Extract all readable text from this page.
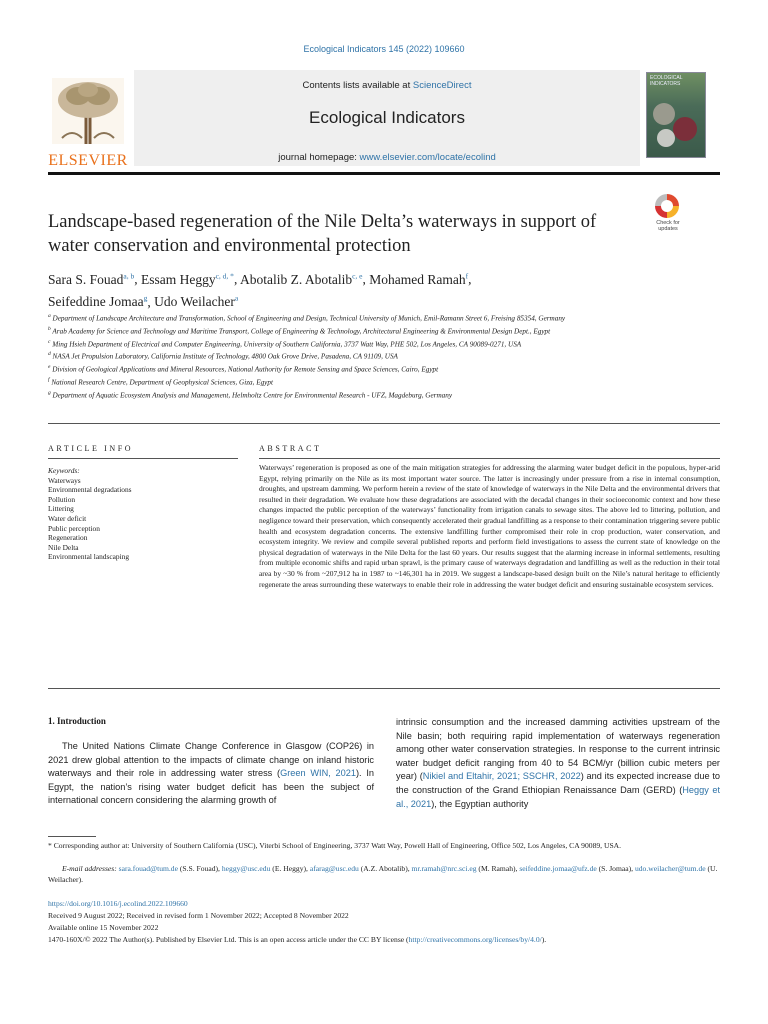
Ecological Indicators 145 (2022) 109660
ELSEVIER
Contents lists available at ScienceDirect
Ecological Indicators
journal homepage: www.elsevier.com/locate/ecolind
ECOLOGICAL INDICATORS
Landscape-based regeneration of the Nile Delta’s waterways in support of water conservation and environmental protection
Check for updates
Sara S. Fouad$^{a, b}$, Essam Heggy$^{c, d, *}$, Abotalib Z. Abotalib$^{c, e}$, Mohamed Ramah$^f$,
Seifeddine Jomaa$^g$, Udo Weilacher$^a$
$^a$ Department of Landscape Architecture and Transformation, School of Engineering and Design, Technical University of Munich, Emil-Ramann Street 6, Freising 85354, Germany
$^b$ Arab Academy for Science and Technology and Maritime Transport, College of Engineering & Technology, Architectural Engineering & Environmental Design Dept., Egypt
$^c$ Ming Hsieh Department of Electrical and Computer Engineering, University of Southern California, 3737 Watt Way, PHE 502, Los Angeles, CA 90089-0271, USA
$^d$ NASA Jet Propulsion Laboratory, California Institute of Technology, 4800 Oak Grove Drive, Pasadena, CA 91109, USA
$^e$ Division of Geological Applications and Mineral Resources, National Authority for Remote Sensing and Space Sciences, Cairo, Egypt
$^f$ National Research Centre, Department of Geophysical Sciences, Giza, Egypt
$^g$ Department of Aquatic Ecosystem Analysis and Management, Helmholtz Centre for Environmental Research - UFZ, Magdeburg, Germany
ARTICLE INFO	ABSTRACT
Keywords:
Waterways
Environmental degradations
Pollution
Littering
Water deficit
Public perception
Regeneration
Nile Delta
Environmental landscaping
Waterways’ regeneration is proposed as one of the main mitigation strategies for addressing the alarming water budget deficit in the populous, hyper-arid Egypt, relying primarily on the Nile as its most important water source. The latter is increasingly under pressure from a rise in internal consumption, droughts, and upstream damming. We perform herein a review of the state of knowledge of waterways in the Nile Delta and the environmental drivers that resulted in their degradation. We evaluate how these degradations are associated with the decadal changes in their socioeconomic context and how these changes impacted the public perception of the waterways’ functionality from irrigation canals to sewage sites. The above led to littering, pollution, and negligence toward their preservation, which consequently accelerated their gradual landfilling as a response to their contamination triggering severe public health and ecosystem degradation concerns. The extensive landfilling further compromised their role in crop production, water conservation, and ecosystem integrity. We review and compile several published reports and perform field investigations to assess the current state of knowledge on the physical degradation of waterways in the Nile Delta for the last 60 years. Our results suggest that the alarming increase in informal settlements, resulting from multiple economic shifts and rapid urban sprawl, is the primary cause of waterways degradation and landfilling as well as the reduction in their total area by ~30 % from ~207,912 ha in 1987 to ~146,301 ha in 2019. We suggest a landscape-based design built on the Nile’s natural heritage to efficiently regenerate the areas surrounding these waterways to enable their role in addressing the water budget deficit and ensuring sustainable ecosystem services.
1. Introduction
The United Nations Climate Change Conference in Glasgow (COP26) in 2021 drew global attention to the impacts of climate change on inland historic waterways and their role in addressing water stress (Green WIN, 2021). In Egypt, the nation’s rising water budget deficit has been the subject of international concern considering the alarming growth of
intrinsic consumption and the increased damming activities upstream of the Nile basin; both requiring rapid implementation of waterways regeneration among other water conservation strategies. In response to the current intrinsic water budget deficit ranging from 40 to 54 BCM/yr (billion cubic meters per year) (Nikiel and Eltahir, 2021; SSCHR, 2022) and its expected increase due to the construction of the Grand Ethiopian Renaissance Dam (GERD) (Heggy et al., 2021), the Egyptian authority
* Corresponding author at: University of Southern California (USC), Viterbi School of Engineering, 3737 Watt Way, Powell Hall of Engineering, Office 502, Los Angeles, CA 90089, USA.
E-mail addresses: sara.fouad@tum.de (S.S. Fouad), heggy@usc.edu (E. Heggy), afarag@usc.edu (A.Z. Abotalib), mr.ramah@nrc.sci.eg (M. Ramah), seifeddine.jomaa@ufz.de (S. Jomaa), udo.weilacher@tum.de (U. Weilacher).
https://doi.org/10.1016/j.ecolind.2022.109660
Received 9 August 2022; Received in revised form 1 November 2022; Accepted 8 November 2022
Available online 15 November 2022
1470-160X/© 2022 The Author(s). Published by Elsevier Ltd. This is an open access article under the CC BY license (http://creativecommons.org/licenses/by/4.0/).
